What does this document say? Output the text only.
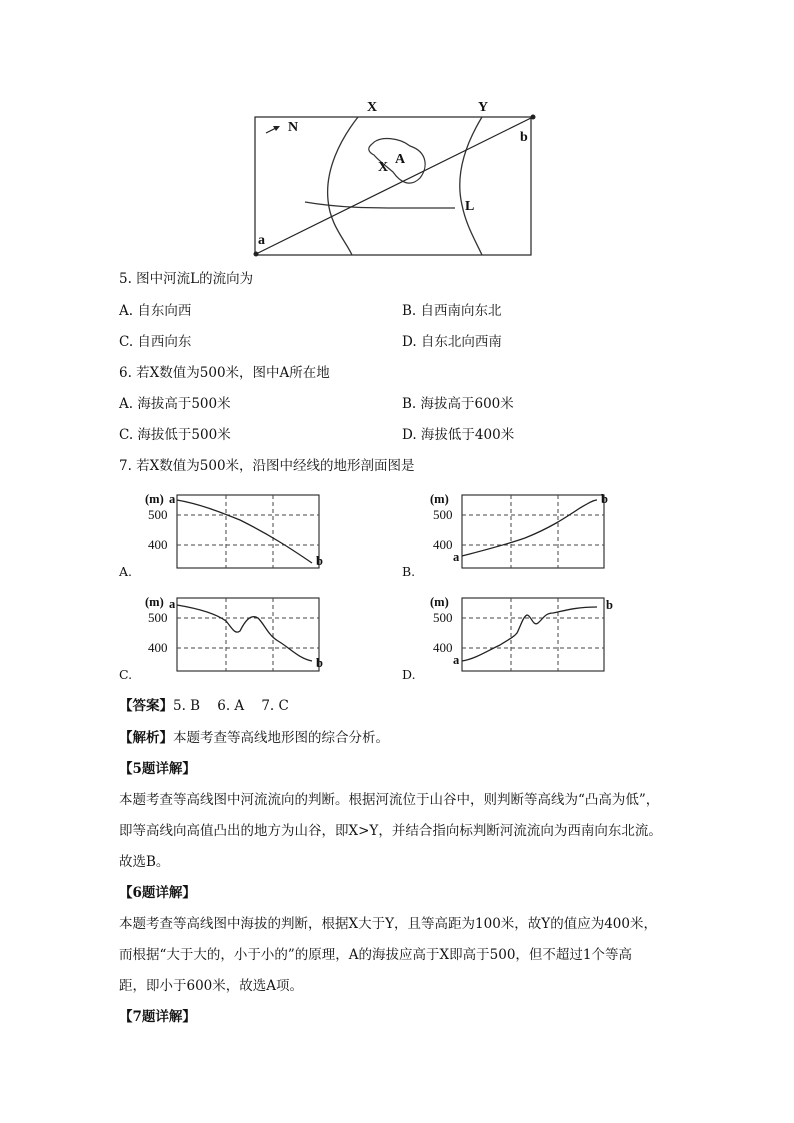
N
X	Y
b
a
X
A
L
5. 图中河流L的流向为
A. 自东向西	B. 自西南向东北
C. 自西向东	D. 自东北向西南
6. 若X数值为500米，图中A所在地
A. 海拔高于500米	B. 海拔高于600米
C. 海拔低于500米	D. 海拔低于400米
7. 若X数值为500米，沿图中经线的地形剖面图是
(m) a
500
400
b
A.
(m)
500
400
a
b
B.
(m) a
500
400
b
C.
(m)
500
400
a
b
D.
【答案】5. B    6. A    7. C
【解析】本题考查等高线地形图的综合分析。
【5题详解】
本题考查等高线图中河流流向的判断。根据河流位于山谷中，则判断等高线为“凸高为低”，
即等高线向高值凸出的地方为山谷，即X>Y，并结合指向标判断河流流向为西南向东北流。
故选B。
【6题详解】
本题考查等高线图中海拔的判断，根据X大于Y，且等高距为100米，故Y的值应为400米，
而根据“大于大的，小于小的”的原理，A的海拔应高于X即高于500，但不超过1个等高
距，即小于600米，故选A项。
【7题详解】
